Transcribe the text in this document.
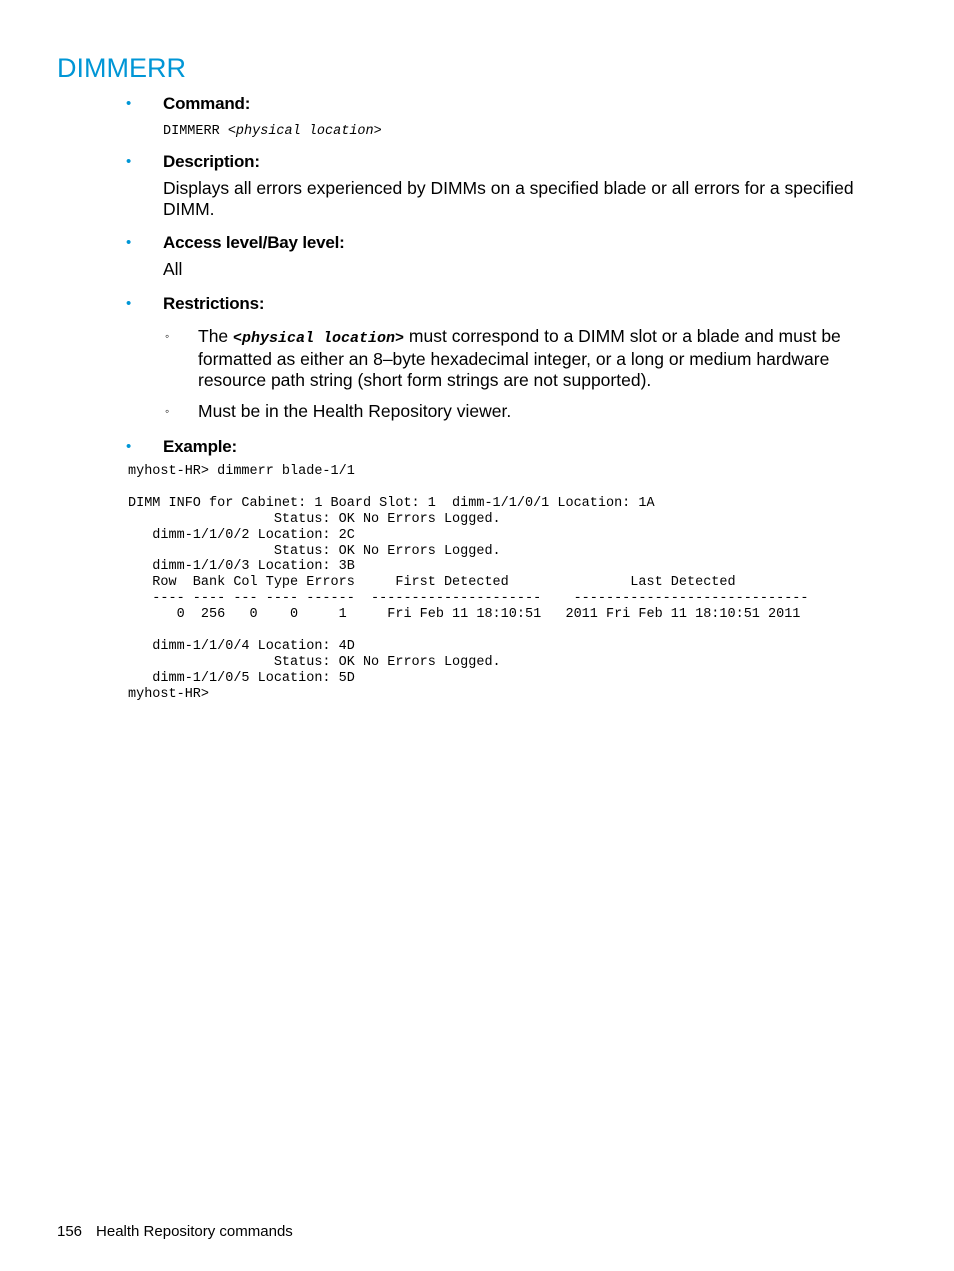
DIMMERR
• Command:
DIMMERR <physical location>
• Description:
Displays all errors experienced by DIMMs on a specified blade or all errors for a specified DIMM.
• Access level/Bay level:
All
• Restrictions:
◦ The <physical location> must correspond to a DIMM slot or a blade and must be formatted as either an 8–byte hexadecimal integer, or a long or medium hardware resource path string (short form strings are not supported).
◦ Must be in the Health Repository viewer.
• Example:
myhost-HR> dimmerr blade-1/1

DIMM INFO for Cabinet: 1 Board Slot: 1  dimm-1/1/0/1 Location: 1A
Status: OK No Errors Logged.
dimm-1/1/0/2 Location: 2C
Status: OK No Errors Logged.
dimm-1/1/0/3 Location: 3B
Row  Bank Col Type Errors     First Detected               Last Detected
---- ---- --- ---- ------  ---------------------    -----------------------------
0  256   0    0     1     Fri Feb 11 18:10:51   2011 Fri Feb 11 18:10:51 2011

dimm-1/1/0/4 Location: 4D
Status: OK No Errors Logged.
dimm-1/1/0/5 Location: 5D
myhost-HR>
156 Health Repository commands
